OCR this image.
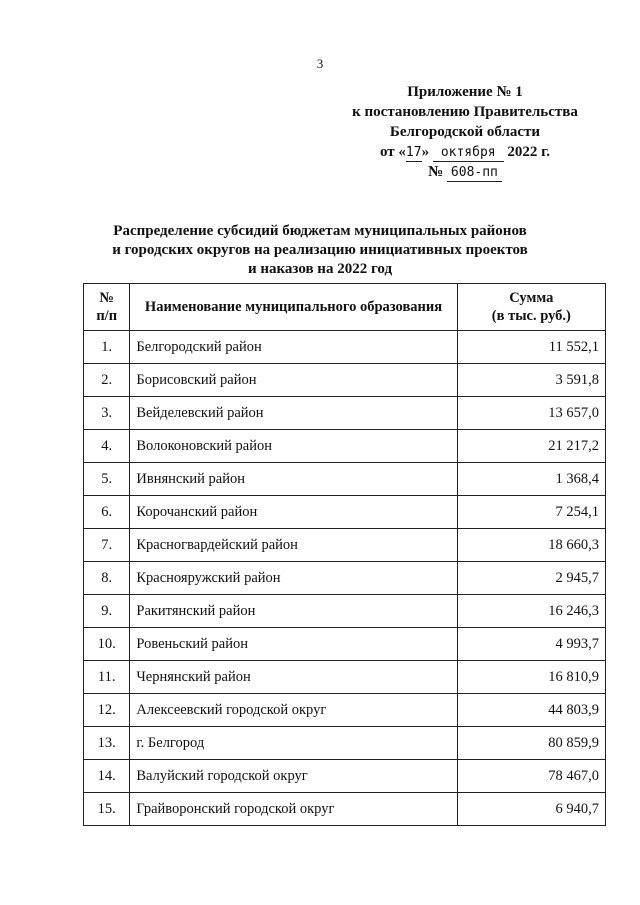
3
Приложение № 1
к постановлению Правительства
Белгородской области
от «17» октября 2022 г.
№ 608-пп
Распределение субсидий бюджетам муниципальных районов
и городских округов на реализацию инициативных проектов
и наказов на 2022 год
№
п/п	Наименование муниципального образования	Сумма
(в тыс. руб.)
1.	Белгородский район	11 552,1
2.	Борисовский район	3 591,8
3.	Вейделевский район	13 657,0
4.	Волоконовский район	21 217,2
5.	Ивнянский район	1 368,4
6.	Корочанский район	7 254,1
7.	Красногвардейский район	18 660,3
8.	Краснояружский район	2 945,7
9.	Ракитянский район	16 246,3
10.	Ровеньский район	4 993,7
11.	Чернянский район	16 810,9
12.	Алексеевский городской округ	44 803,9
13.	г. Белгород	80 859,9
14.	Валуйский городской округ	78 467,0
15.	Грайворонский городской округ	6 940,7
